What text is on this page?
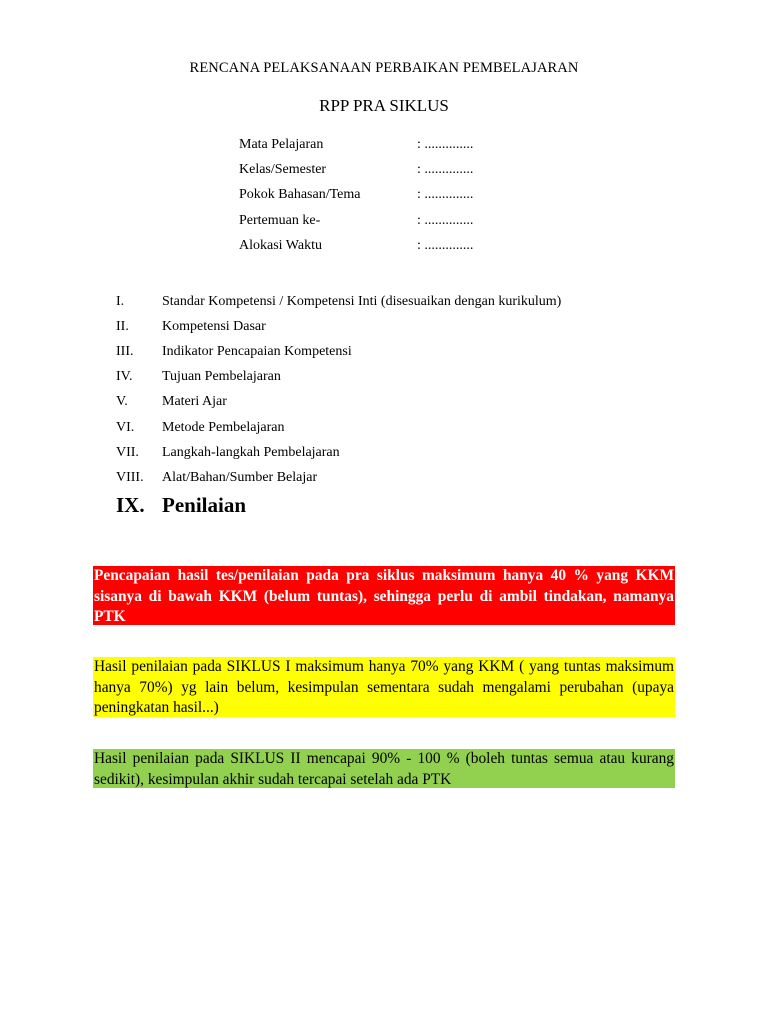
RENCANA PELAKSANAAN PERBAIKAN PEMBELAJARAN
RPP PRA SIKLUS
Mata Pelajaran	: ..............
Kelas/Semester	: ..............
Pokok Bahasan/Tema	: ..............
Pertemuan ke-	: ..............
Alokasi Waktu	: ..............
I.	Standar Kompetensi / Kompetensi Inti (disesuaikan dengan kurikulum)
II.	Kompetensi Dasar
III.	Indikator Pencapaian Kompetensi
IV.	Tujuan Pembelajaran
V.	Materi Ajar
VI.	Metode Pembelajaran
VII.	Langkah-langkah Pembelajaran
VIII.	Alat/Bahan/Sumber Belajar
IX. Penilaian
Pencapaian hasil tes/penilaian pada pra siklus maksimum hanya 40 % yang KKM sisanya di bawah KKM (belum tuntas), sehingga perlu di ambil tindakan, namanya PTK
Hasil penilaian pada SIKLUS I maksimum hanya 70% yang KKM ( yang tuntas maksimum hanya 70%) yg lain belum, kesimpulan sementara sudah mengalami perubahan (upaya peningkatan hasil...)
Hasil penilaian pada SIKLUS II mencapai 90% - 100 % (boleh tuntas semua atau kurang sedikit), kesimpulan akhir sudah tercapai setelah ada PTK
